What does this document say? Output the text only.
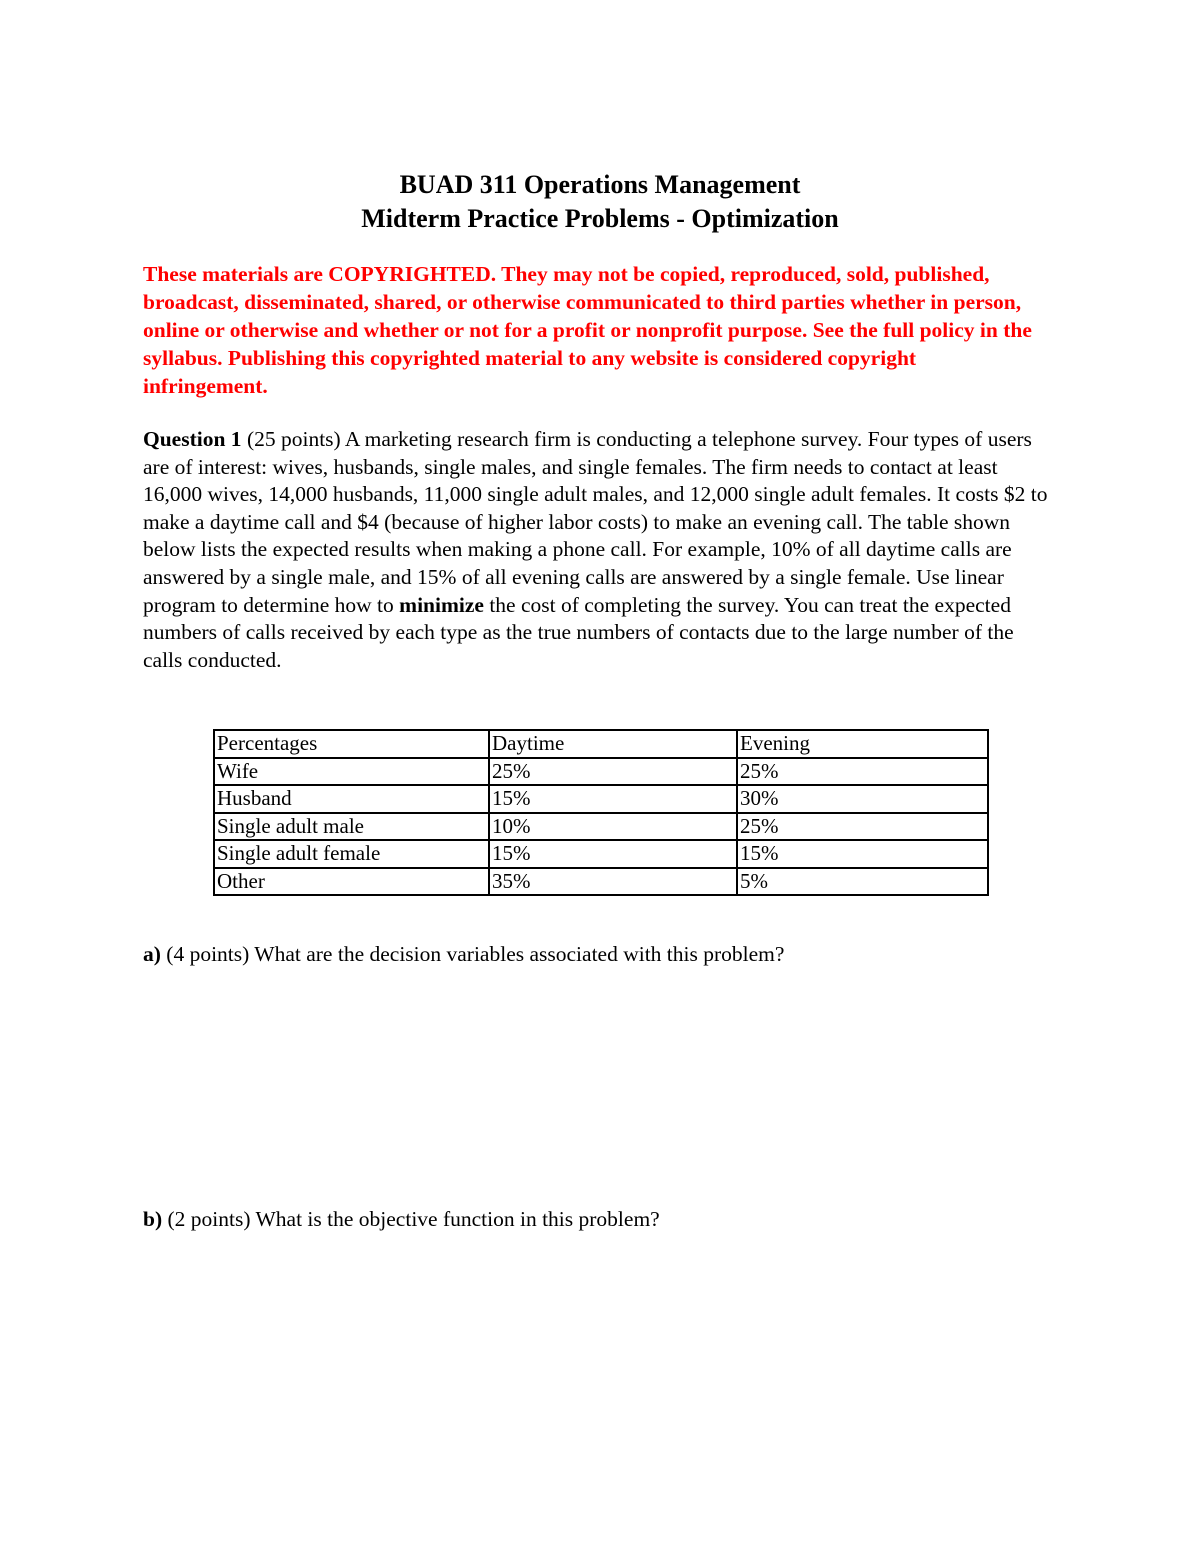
BUAD 311 Operations Management
Midterm Practice Problems - Optimization
These materials are COPYRIGHTED. They may not be copied, reproduced, sold, published, broadcast, disseminated, shared, or otherwise communicated to third parties whether in person, online or otherwise and whether or not for a profit or nonprofit purpose. See the full policy in the syllabus. Publishing this copyrighted material to any website is considered copyright infringement.
Question 1 (25 points) A marketing research firm is conducting a telephone survey. Four types of users are of interest: wives, husbands, single males, and single females. The firm needs to contact at least 16,000 wives, 14,000 husbands, 11,000 single adult males, and 12,000 single adult females. It costs $2 to make a daytime call and $4 (because of higher labor costs) to make an evening call. The table shown below lists the expected results when making a phone call. For example, 10% of all daytime calls are answered by a single male, and 15% of all evening calls are answered by a single female. Use linear program to determine how to minimize the cost of completing the survey. You can treat the expected numbers of calls received by each type as the true numbers of contacts due to the large number of the calls conducted.
Percentages	Daytime	Evening
Wife	25%	25%
Husband	15%	30%
Single adult male	10%	25%
Single adult female	15%	15%
Other	35%	5%
a) (4 points) What are the decision variables associated with this problem?
b) (2 points) What is the objective function in this problem?
